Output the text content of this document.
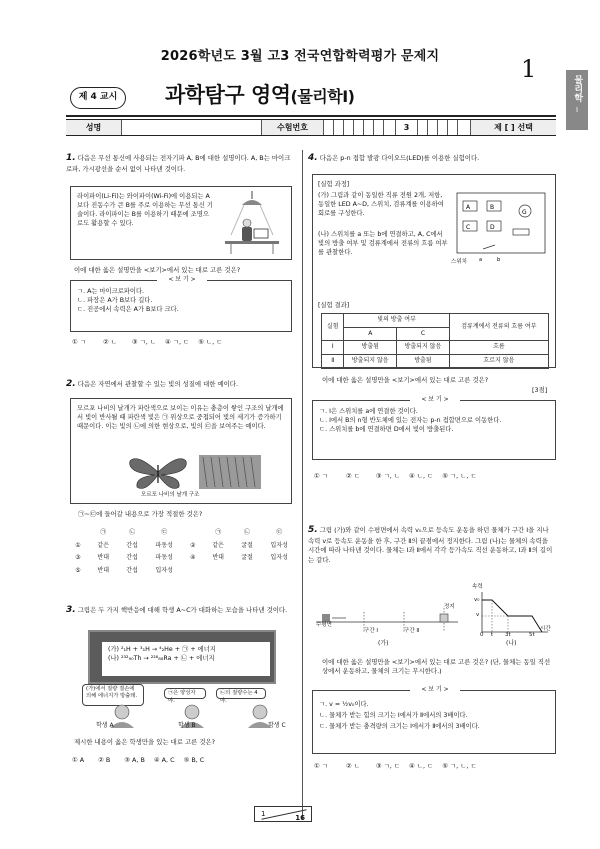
2026학년도 3월 고3 전국연합학력평가 문제지	1
물리학
I
제 4 교시	과학탐구 영역(물리학Ⅰ)
성명	수험번호	3	제 [ ] 선택
1. 다음은 무선 통신에 사용되는 전자기파 A, B에 대한 설명이다. A, B는 마이크로파, 가시광선을 순서 없이 나타낸 것이다.
라이파이(Li-Fi)는 와이파이(Wi-Fi)에 이용되는 A보다 진동수가 큰 B를 주로 이용하는 무선 통신 기술이다. 라이파이는 B를 이용하기 때문에 조명으로도 활용할 수 있다.
이에 대한 옳은 설명만을 <보기>에서 있는 대로 고른 것은?
< 보 기 >
ㄱ. A는 마이크로파이다.
ㄴ. 파장은 A가 B보다 길다.
ㄷ. 진공에서 속력은 A가 B보다 크다.
① ㄱ	② ㄴ ③ ㄱ, ㄴ ④ ㄱ, ㄷ ⑤ ㄴ, ㄷ
2. 다음은 자연에서 관찰할 수 있는 빛의 성질에 대한 예이다.
모르포 나비의 날개가 파란색으로 보이는 이유는 충층이 쌓인 구조의 날개에서 빛이 반사될 때 파란색 빛은 ㉠ 위상으로 중첩되어 빛의 세기가 증가하기 때문이다. 이는 빛의 ㉡에 의한 현상으로, 빛의 ㉢을 보여주는 예이다.
모르포 나비의 날개 구조
㉠~㉢에 들어갈 내용으로 가장 적절한 것은?
	㉠	㉡	㉢		㉠	㉡	㉢
①	같은	간섭	파동성	②	같은	굴절	입자성
③	반대	간섭	파동성	④	반대	굴절	입자성
⑤	반대	간섭	입자성				
3. 그림은 두 가지 핵반응에 대해 학생 A~C가 대화하는 모습을 나타낸 것이다.
(가) ²₁H + ³₁H → ⁴₂He + ㉠ + 에너지
(나) ²³²₉₀Th → ²²⁸₈₈Ra + ㉡ + 에너지
(가)에서 질량 결손에 의해 에너지가 방출돼.	㉠은 양성자야.
㉡의 질량수는 4야.
학생 A	학생 B	학생 C
제시한 내용이 옳은 학생만을 있는 대로 고른 것은?
① A ② B ③ A, B ④ A, C ⑤ B, C
4. 다음은 p-n 접합 발광 다이오드(LED)를 이용한 실험이다.
[실험 과정]
(가) 그림과 같이 동일한 직류 전원 2개, 저항, 동일한 LED A~D, 스위치, 검류계를 이용하여 회로를 구성한다.
(나) 스위치를 a 또는 b에 연결하고, A, C에서 빛의 방출 여부 및 검류계에서 전류의 흐름 여부를 관찰한다.
A	B
C	D
G
a	b
스위치
[실험 결과]
실험	빛의 방출 여부		검류계에서 전류의 흐름 여부
	A	C	
Ⅰ	방출됨	방출되지 않음	흐름
Ⅱ	방출되지 않음	방출됨	흐르지 않음
이에 대한 옳은 설명만을 <보기>에서 있는 대로 고른 것은?
[3점]
< 보 기 >
ㄱ. Ⅰ은 스위치를 a에 연결한 것이다.
ㄴ. Ⅰ에서 B의 n형 반도체에 있는 전자는 p-n 접합면으로 이동한다.
ㄷ. 스위치를 b에 연결하면 D에서 빛이 방출된다.
① ㄱ	② ㄷ	③ ㄱ, ㄴ ④ ㄴ, ㄷ ⑤ ㄱ, ㄴ, ㄷ
5. 그림 (가)와 같이 수평면에서 속력 v₀으로 등속도 운동을 하던 물체가 구간 Ⅰ을 지나 속력 v로 등속도 운동을 한 후, 구간 Ⅱ의 끝점에서 정지한다. 그림 (나)는 물체의 속력을 시간에 따라 나타낸 것이다. 물체는 Ⅰ과 Ⅱ에서 각각 등가속도 직선 운동하고, Ⅰ과 Ⅱ의 길이는 같다.
수평면
구간 Ⅰ	구간 Ⅱ
정지
속력
v₀
v
0 t 3t	5t
시간
(가)	(나)
이에 대한 옳은 설명만을 <보기>에서 있는 대로 고른 것은? (단, 물체는 동일 직선상에서 운동하고, 물체의 크기는 무시한다.)
< 보 기 >
ㄱ. v = ½v₀이다.
ㄴ. 물체가 받는 힘의 크기는 Ⅰ에서가 Ⅱ에서의 3배이다.
ㄷ. 물체가 받는 충격량의 크기는 Ⅰ에서가 Ⅱ에서의 3배이다.
① ㄱ	② ㄴ	③ ㄱ, ㄷ ④ ㄴ, ㄷ ⑤ ㄱ, ㄴ, ㄷ
1	16
